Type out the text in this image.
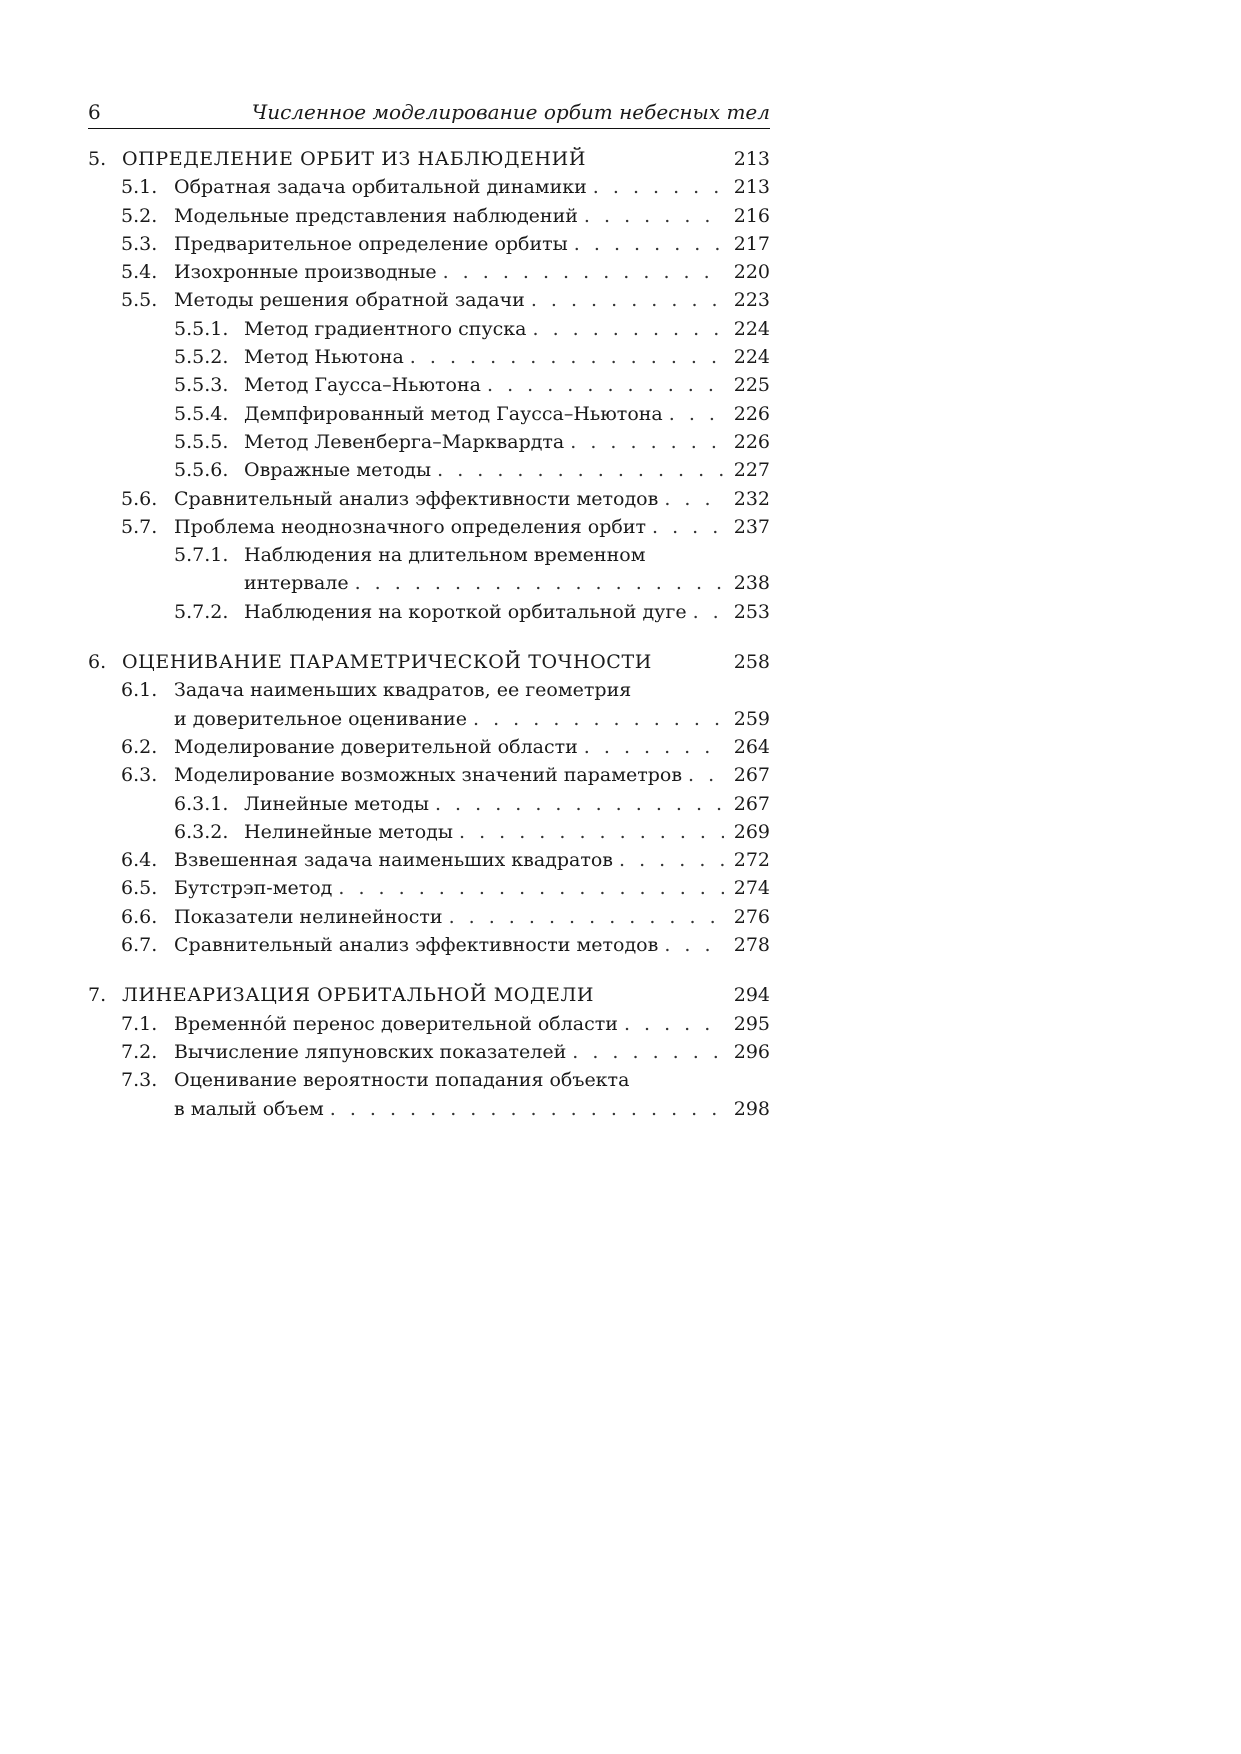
6	Численное моделирование орбит небесных тел
5. ОПРЕДЕЛЕНИЕ ОРБИТ ИЗ НАБЛЮДЕНИЙ	213
5.1. Обратная задача орбитальной динамики . . .	213
5.2. Модельные представления наблюдений . . .	216
5.3. Предварительное определение орбиты . . .	217
5.4. Изохронные производные . . .	220
5.5. Методы решения обратной задачи . . .	223
5.5.1. Метод градиентного спуска . . .	224
5.5.2. Метод Ньютона . . .	224
5.5.3. Метод Гаусса–Ньютона . . .	225
5.5.4. Демпфированный метод Гаусса–Ньютона . . .	226
5.5.5. Метод Левенберга–Марквардта . . .	226
5.5.6. Овражные методы . . .	227
5.6. Сравнительный анализ эффективности методов . . .	232
5.7. Проблема неоднозначного определения орбит . . .	237
5.7.1. Наблюдения на длительном временном
интервале . . .	238
5.7.2. Наблюдения на короткой орбитальной дуге . . . 253
6. ОЦЕНИВАНИЕ ПАРАМЕТРИЧЕСКОЙ ТОЧНОСТИ	258
6.1. Задача наименьших квадратов, ее геометрия
и доверительное оценивание . . .	259
6.2. Моделирование доверительной области . . .	264
6.3. Моделирование возможных значений параметров . . .	267
6.3.1. Линейные методы . . .	267
6.3.2. Нелинейные методы . . .	269
6.4. Взвешенная задача наименьших квадратов . . .	272
6.5. Бутстрэп-метод . . .	274
6.6. Показатели нелинейности . . .	276
6.7. Сравнительный анализ эффективности методов . . .	278
7. ЛИНЕАРИЗАЦИЯ ОРБИТАЛЬНОЙ МОДЕЛИ	294
7.1. Временно́й перенос доверительной области . . .	295
7.2. Вычисление ляпуновских показателей . . .	296
7.3. Оценивание вероятности попадания объекта
в малый объем . . .	298
